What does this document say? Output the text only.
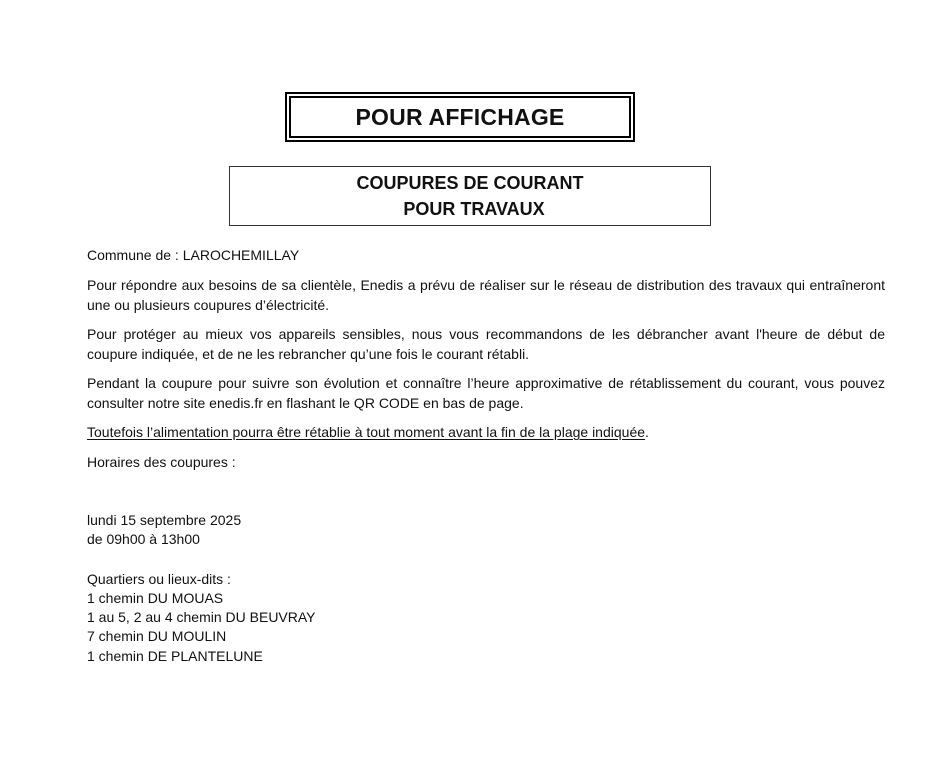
POUR AFFICHAGE
COUPURES DE COURANT
POUR TRAVAUX
Commune de : LAROCHEMILLAY
Pour répondre aux besoins de sa clientèle, Enedis a prévu de réaliser sur le réseau de distribution des travaux qui entraîneront une ou plusieurs coupures d’électricité.
Pour protéger au mieux vos appareils sensibles, nous vous recommandons de les débrancher avant l'heure de début de coupure indiquée, et de ne les rebrancher qu’une fois le courant rétabli.
Pendant la coupure pour suivre son évolution et connaître l’heure approximative de rétablissement du courant, vous pouvez consulter notre site enedis.fr en flashant le QR CODE en bas de page.
Toutefois l’alimentation pourra être rétablie à tout moment avant la fin de la plage indiquée.
Horaires des coupures :
lundi 15 septembre 2025
de 09h00 à 13h00
Quartiers ou lieux-dits :
1 chemin DU MOUAS
1 au 5, 2 au 4 chemin DU BEUVRAY
7 chemin DU MOULIN
1 chemin DE PLANTELUNE
